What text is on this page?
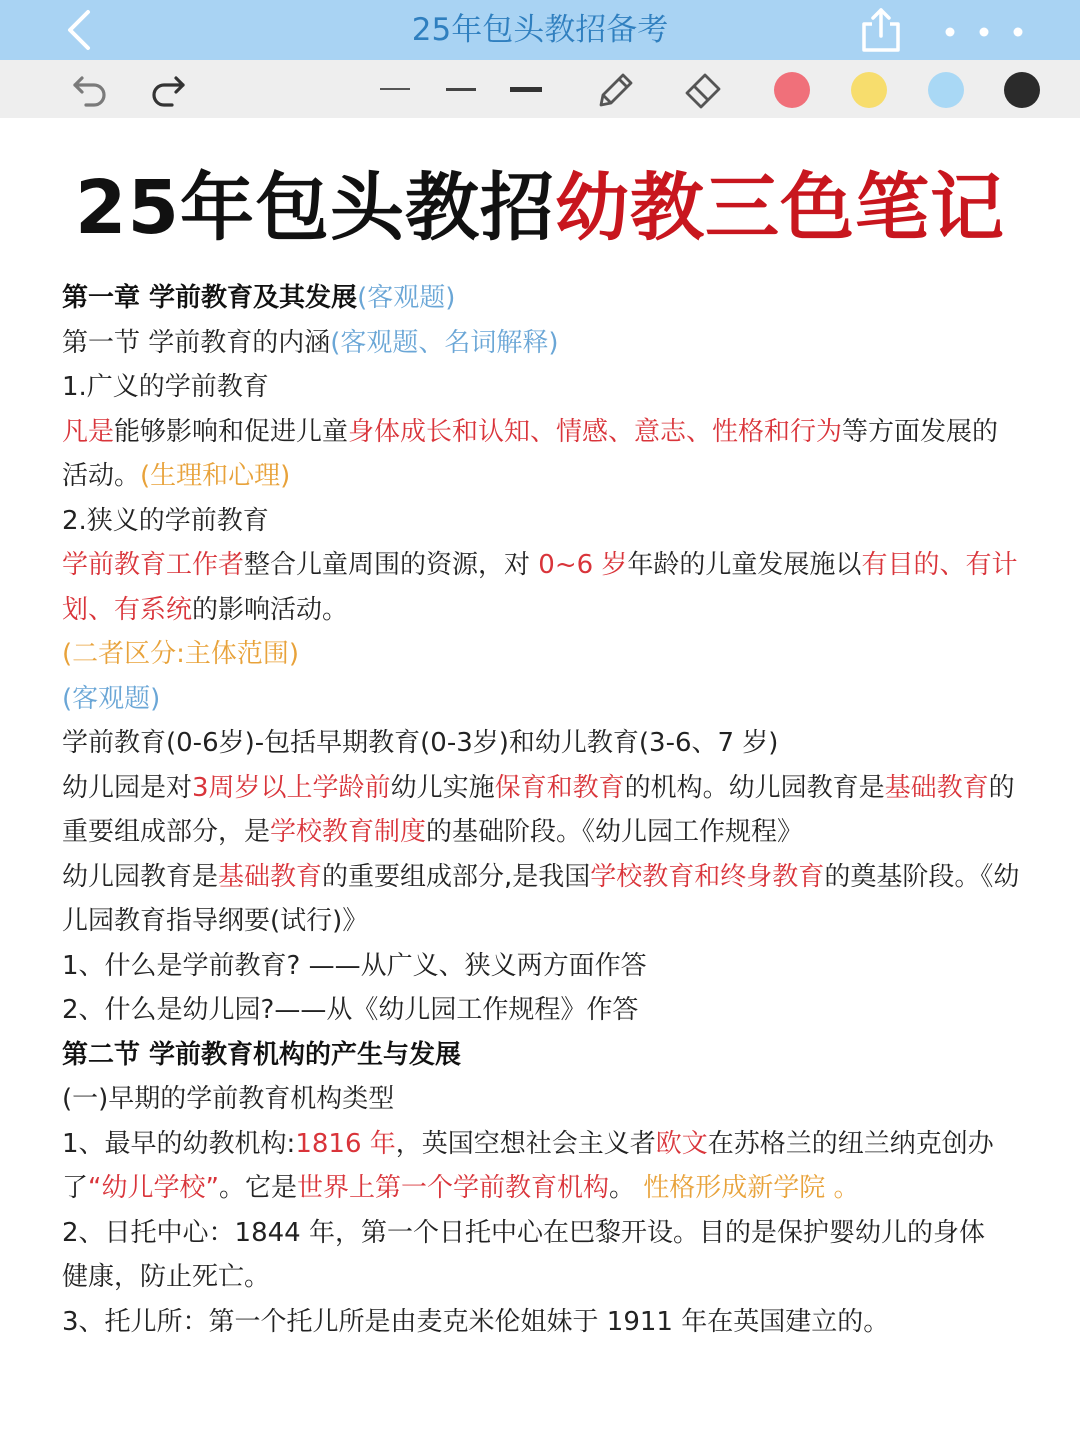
25年包头教招备考
25年包头教招幼教三色笔记

第一章 学前教育及其发展(客观题)

第一节 学前教育的内涵(客观题、名词解释)

1.广义的学前教育

凡是能够影响和促进儿童身体成长和认知、情感、意志、性格和行为等方面发展的活动。(生理和心理)

2.狭义的学前教育

学前教育工作者整合儿童周围的资源，对 0~6 岁年龄的儿童发展施以有目的、有计划、有系统的影响活动。

(二者区分:主体范围)

(客观题)

学前教育(0-6岁)-包括早期教育(0-3岁)和幼儿教育(3-6、7 岁)

幼儿园是对3周岁以上学龄前幼儿实施保育和教育的机构。幼儿园教育是基础教育的重要组成部分，是学校教育制度的基础阶段。《幼儿园工作规程》

幼儿园教育是基础教育的重要组成部分,是我国学校教育和终身教育的奠基阶段。《幼儿园教育指导纲要(试行)》

1、什么是学前教育? ——从广义、狭义两方面作答

2、什么是幼儿园?——从《幼儿园工作规程》作答

第二节 学前教育机构的产生与发展

(一)早期的学前教育机构类型

1、最早的幼教机构:1816 年，英国空想社会主义者欧文在苏格兰的纽兰纳克创办了“幼儿学校”。它是世界上第一个学前教育机构。 性格形成新学院 。

2、日托中心：1844 年，第一个日托中心在巴黎开设。目的是保护婴幼儿的身体

健康，防止死亡。

3、托儿所：第一个托儿所是由麦克米伦姐妹于 1911 年在英国建立的。
